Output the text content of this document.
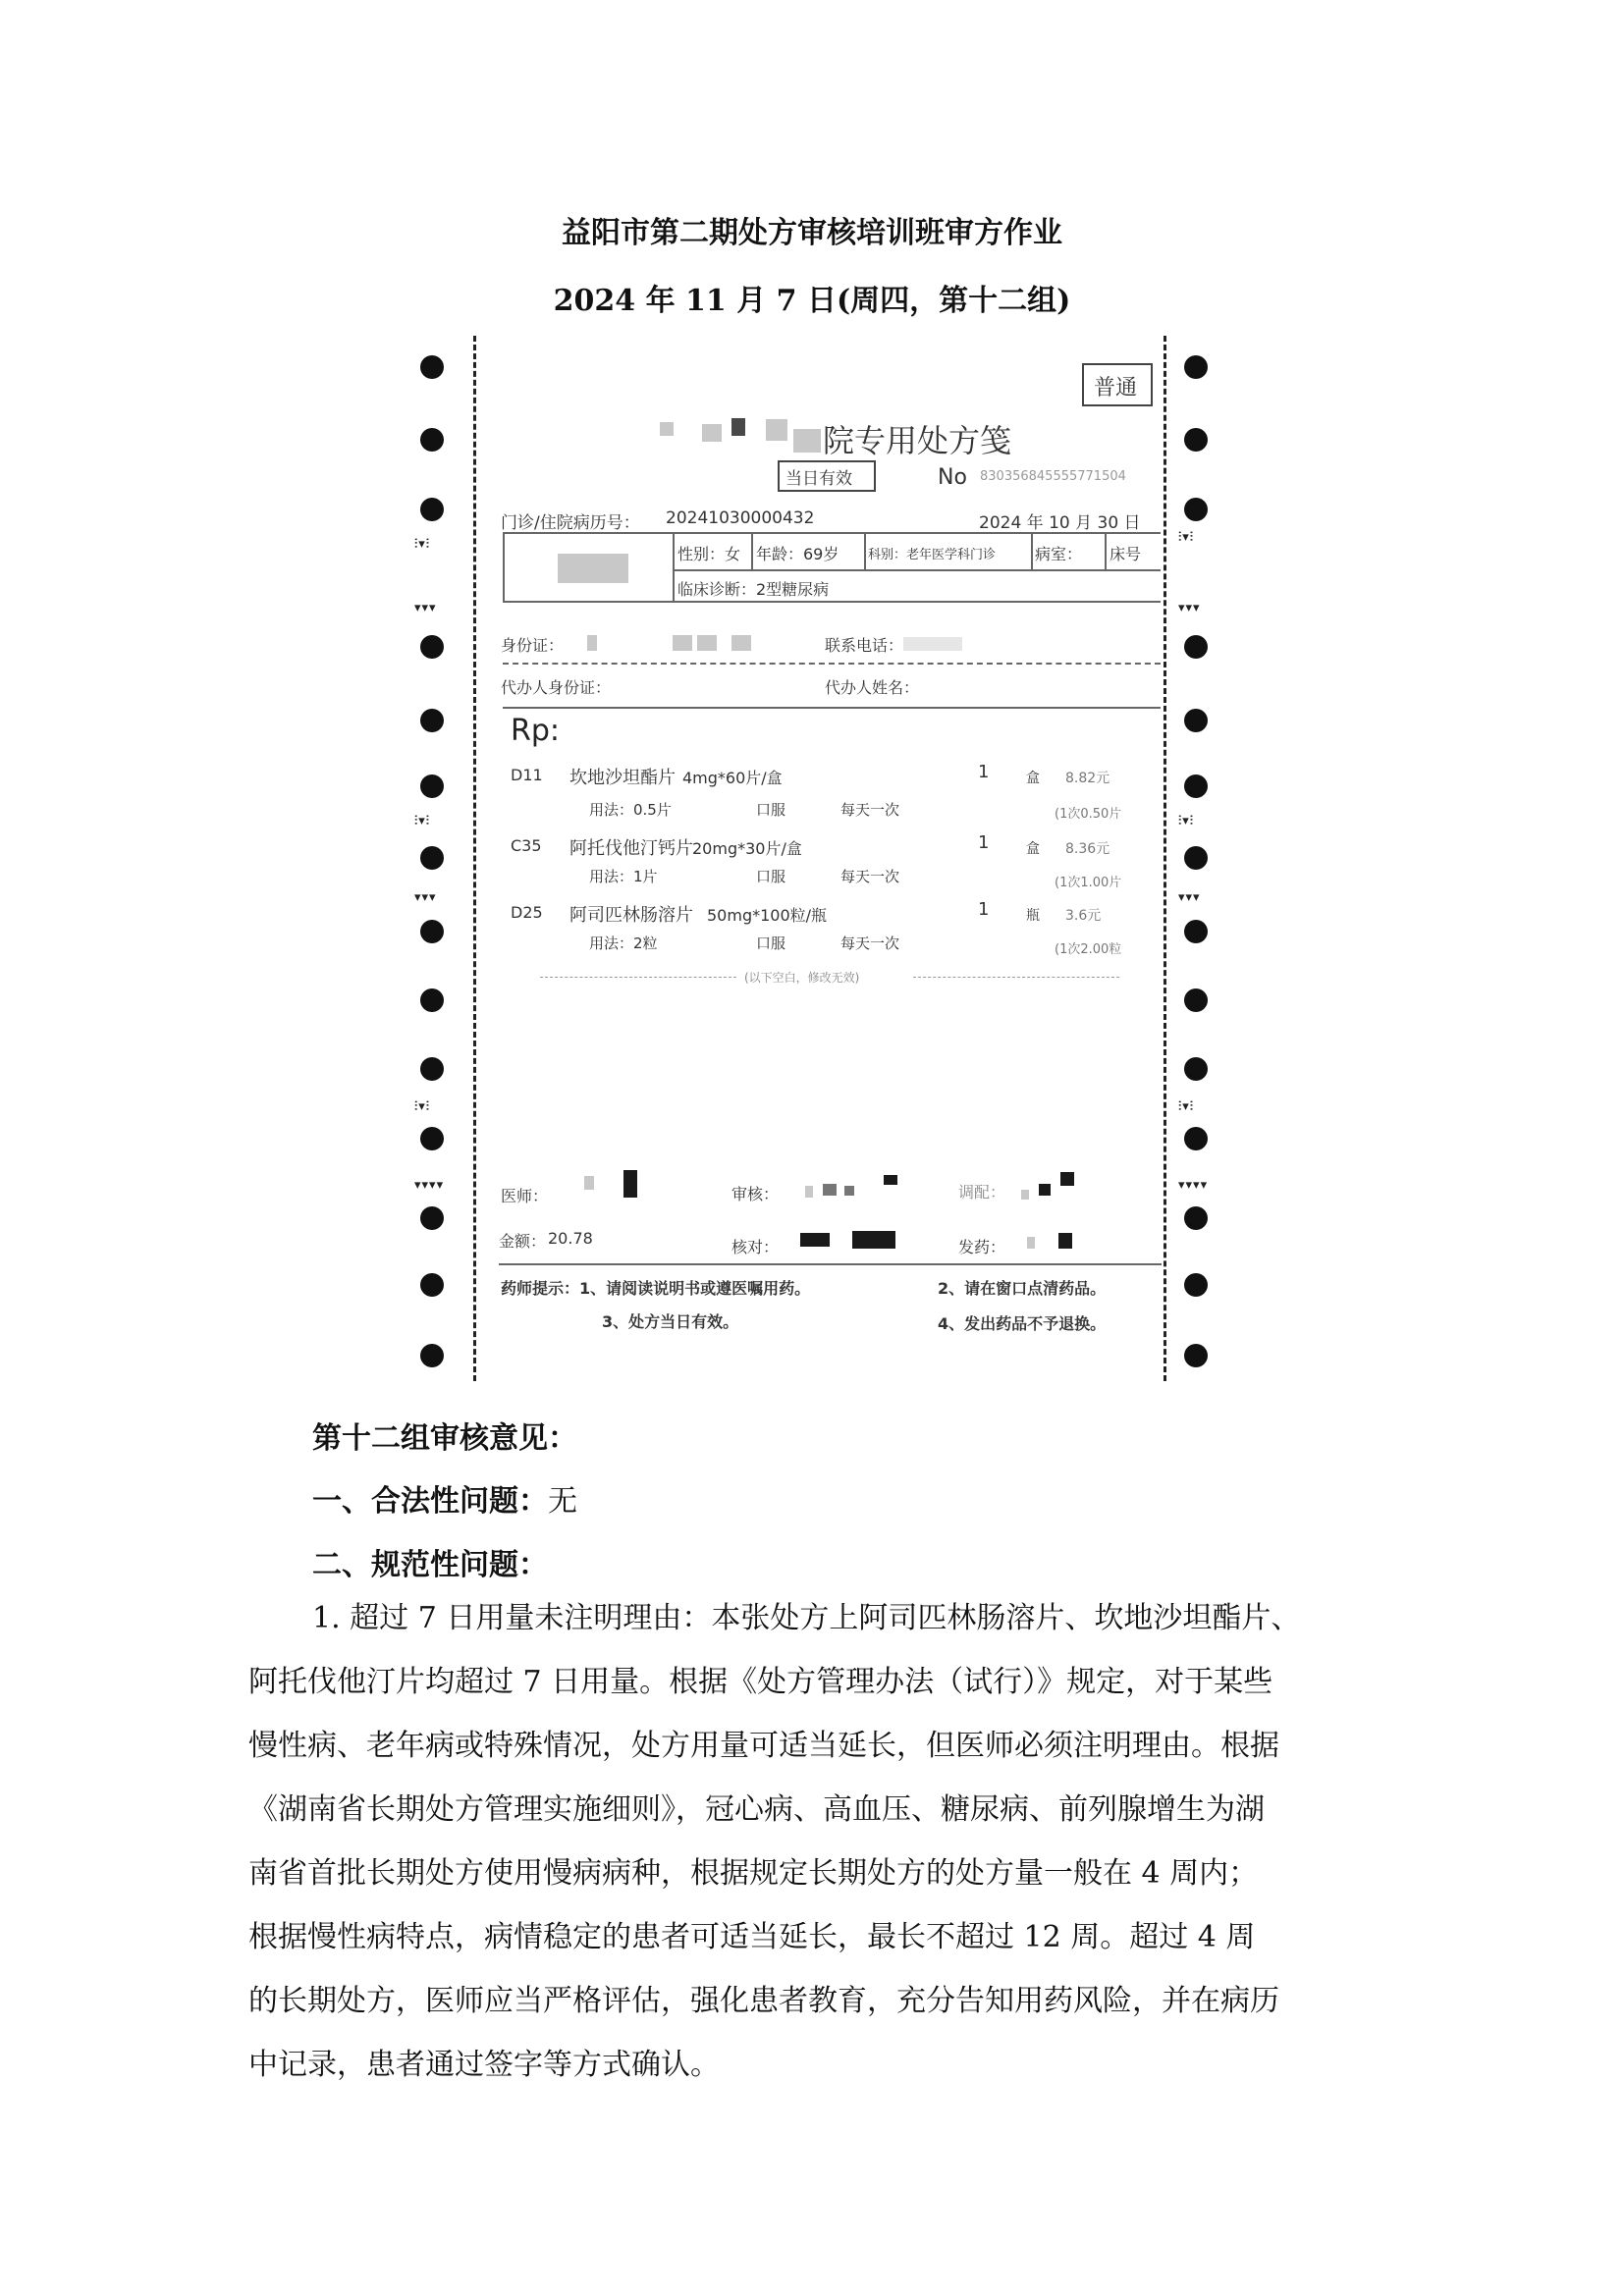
益阳市第二期处方审核培训班审方作业
2024 年 11 月 7 日(周四，第十二组)
⫶▾⫶
▾▾▾
⫶▾⫶
▾▾▾
⫶▾⫶
▾▾▾▾
⫶▾⫶
▾▾▾
⫶▾⫶
▾▾▾
⫶▾⫶
▾▾▾▾
普通
院专用处方笺
当日有效	No 830356845555771504
门诊/住院病历号： 20241030000432	2024 年 10 月 30 日
性别：女 年龄：69岁 科别：老年医学科门诊 病室： 床号
临床诊断：2型糖尿病
身份证：	联系电话：
代办人身份证：	代办人姓名：
Rp:
D11 坎地沙坦酯片 4mg*60片/盒	1	盒 8.82元
用法：0.5片	口服	每天一次	(1次0.50片
C35 阿托伐他汀钙片 20mg*30片/盒	1	盒 8.36元
用法：1片	口服	每天一次	(1次1.00片
D25 阿司匹林肠溶片 50mg*100粒/瓶	1	瓶 3.6元
用法：2粒	口服	每天一次	(1次2.00粒
(以下空白，修改无效)
医师：	审核：	调配：
金额： 20.78	核对：	发药：
药师提示：1、请阅读说明书或遵医嘱用药。	2、请在窗口点清药品。
3、处方当日有效。	4、发出药品不予退换。
第十二组审核意见：
一、合法性问题：无
二、规范性问题：
1. 超过 7 日用量未注明理由：本张处方上阿司匹林肠溶片、坎地沙坦酯片、
阿托伐他汀片均超过 7 日用量。根据《处方管理办法（试行）》规定，对于某些
慢性病、老年病或特殊情况，处方用量可适当延长，但医师必须注明理由。根据
《湖南省长期处方管理实施细则》，冠心病、高血压、糖尿病、前列腺增生为湖
南省首批长期处方使用慢病病种，根据规定长期处方的处方量一般在 4 周内；
根据慢性病特点，病情稳定的患者可适当延长，最长不超过 12 周。超过 4 周
的长期处方，医师应当严格评估，强化患者教育，充分告知用药风险，并在病历
中记录，患者通过签字等方式确认。
